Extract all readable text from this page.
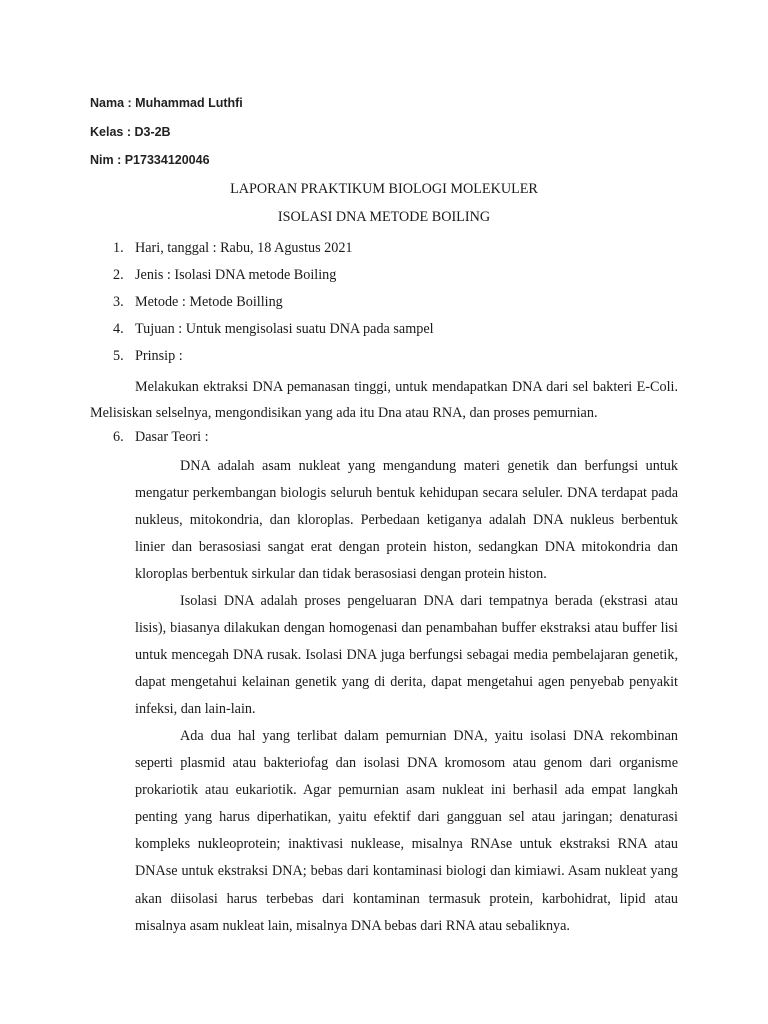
Nama : Muhammad Luthfi
Kelas : D3-2B
Nim : P17334120046
LAPORAN PRAKTIKUM BIOLOGI MOLEKULER
ISOLASI DNA METODE BOILING
1. Hari, tanggal : Rabu, 18 Agustus 2021
2. Jenis : Isolasi DNA metode Boiling
3. Metode : Metode Boilling
4. Tujuan : Untuk mengisolasi suatu DNA pada sampel
5. Prinsip :
Melakukan ektraksi DNA pemanasan tinggi, untuk mendapatkan DNA dari sel bakteri E-Coli. Melisiskan selselnya, mengondisikan yang ada itu Dna atau RNA, dan proses pemurnian.
6. Dasar Teori :
DNA adalah asam nukleat yang mengandung materi genetik dan berfungsi untuk mengatur perkembangan biologis seluruh bentuk kehidupan secara seluler. DNA terdapat pada nukleus, mitokondria, dan kloroplas. Perbedaan ketiganya adalah DNA nukleus berbentuk linier dan berasosiasi sangat erat dengan protein histon, sedangkan DNA mitokondria dan kloroplas berbentuk sirkular dan tidak berasosiasi dengan protein histon.
Isolasi DNA adalah proses pengeluaran DNA dari tempatnya berada (ekstrasi atau lisis), biasanya dilakukan dengan homogenasi dan penambahan buffer ekstraksi atau buffer lisi untuk mencegah DNA rusak. Isolasi DNA juga berfungsi sebagai media pembelajaran genetik, dapat mengetahui kelainan genetik yang di derita, dapat mengetahui agen penyebab penyakit infeksi, dan lain-lain.
Ada dua hal yang terlibat dalam pemurnian DNA, yaitu isolasi DNA rekombinan seperti plasmid atau bakteriofag dan isolasi DNA kromosom atau genom dari organisme prokariotik atau eukariotik. Agar pemurnian asam nukleat ini berhasil ada empat langkah penting yang harus diperhatikan, yaitu efektif dari gangguan sel atau jaringan; denaturasi kompleks nukleoprotein; inaktivasi nuklease, misalnya RNAse untuk ekstraksi RNA atau DNAse untuk ekstraksi DNA; bebas dari kontaminasi biologi dan kimiawi. Asam nukleat yang akan diisolasi harus terbebas dari kontaminan termasuk protein, karbohidrat, lipid atau misalnya asam nukleat lain, misalnya DNA bebas dari RNA atau sebaliknya.
